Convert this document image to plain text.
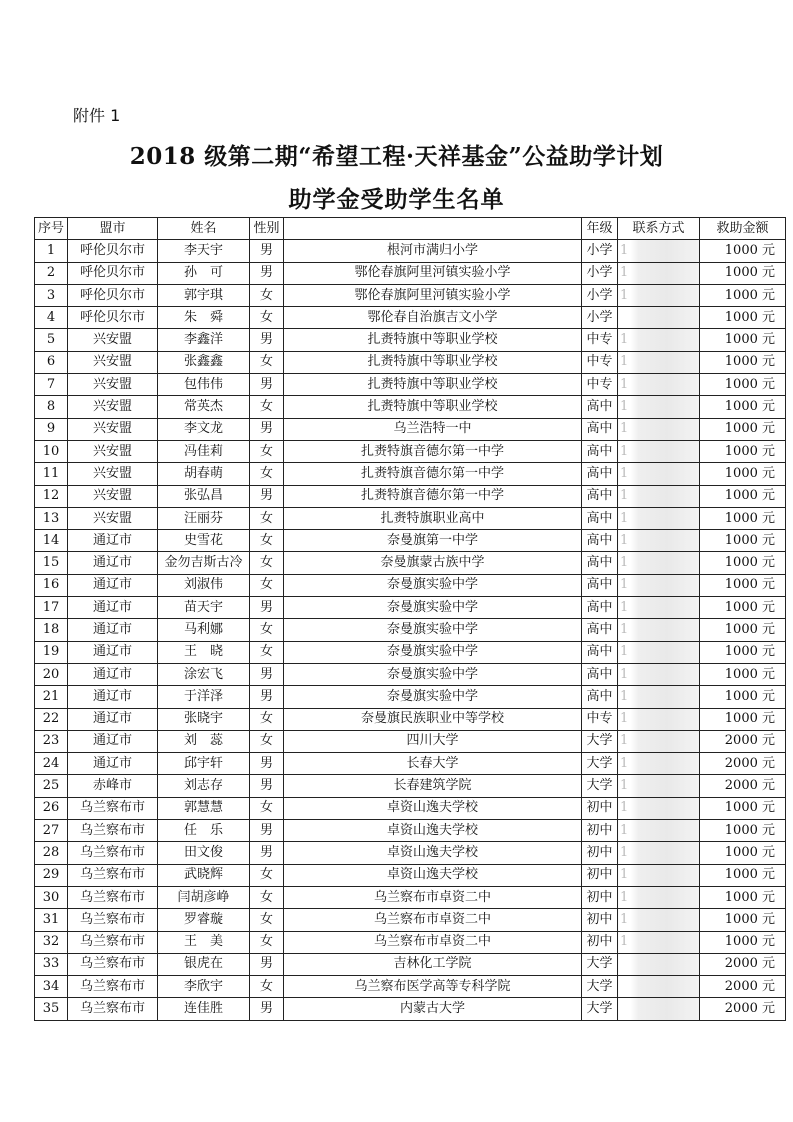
附件 1
2018 级第二期“希望工程·天祥基金”公益助学计划
助学金受助学生名单
序号	盟市	姓名	性别		年级	联系方式	救助金额
1	呼伦贝尔市	李天宇	男	根河市满归小学	小学	1	1000 元
2	呼伦贝尔市	孙　可	男	鄂伦春旗阿里河镇实验小学	小学	1	1000 元
3	呼伦贝尔市	郭宇琪	女	鄂伦春旗阿里河镇实验小学	小学	1	1000 元
4	呼伦贝尔市	朱　舜	女	鄂伦春自治旗吉文小学	小学		1000 元
5	兴安盟	李鑫洋	男	扎赉特旗中等职业学校	中专	1	1000 元
6	兴安盟	张鑫鑫	女	扎赉特旗中等职业学校	中专	1	1000 元
7	兴安盟	包伟伟	男	扎赉特旗中等职业学校	中专	1	1000 元
8	兴安盟	常英杰	女	扎赉特旗中等职业学校	高中	1	1000 元
9	兴安盟	李文龙	男	乌兰浩特一中	高中	1	1000 元
10	兴安盟	冯佳莉	女	扎赉特旗音德尔第一中学	高中	1	1000 元
11	兴安盟	胡春萌	女	扎赉特旗音德尔第一中学	高中	1	1000 元
12	兴安盟	张弘昌	男	扎赉特旗音德尔第一中学	高中	1	1000 元
13	兴安盟	汪丽芬	女	扎赉特旗职业高中	高中	1	1000 元
14	通辽市	史雪花	女	奈曼旗第一中学	高中	1	1000 元
15	通辽市	金勿吉斯古冷	女	奈曼旗蒙古族中学	高中	1	1000 元
16	通辽市	刘淑伟	女	奈曼旗实验中学	高中	1	1000 元
17	通辽市	苗天宇	男	奈曼旗实验中学	高中	1	1000 元
18	通辽市	马利娜	女	奈曼旗实验中学	高中	1	1000 元
19	通辽市	王　晓	女	奈曼旗实验中学	高中	1	1000 元
20	通辽市	涂宏飞	男	奈曼旗实验中学	高中	1	1000 元
21	通辽市	于洋泽	男	奈曼旗实验中学	高中	1	1000 元
22	通辽市	张晓宇	女	奈曼旗民族职业中等学校	中专	1	1000 元
23	通辽市	刘　蕊	女	四川大学	大学	1	2000 元
24	通辽市	邱宇轩	男	长春大学	大学	1	2000 元
25	赤峰市	刘志存	男	长春建筑学院	大学	1	2000 元
26	乌兰察布市	郭慧慧	女	卓资山逸夫学校	初中	1	1000 元
27	乌兰察布市	任　乐	男	卓资山逸夫学校	初中	1	1000 元
28	乌兰察布市	田文俊	男	卓资山逸夫学校	初中	1	1000 元
29	乌兰察布市	武晓辉	女	卓资山逸夫学校	初中	1	1000 元
30	乌兰察布市	闫胡彦峥	女	乌兰察布市卓资二中	初中	1	1000 元
31	乌兰察布市	罗睿璇	女	乌兰察布市卓资二中	初中	1	1000 元
32	乌兰察布市	王　美	女	乌兰察布市卓资二中	初中	1	1000 元
33	乌兰察布市	银虎在	男	吉林化工学院	大学		2000 元
34	乌兰察布市	李欣宇	女	乌兰察布医学高等专科学院	大学		2000 元
35	乌兰察布市	连佳胜	男	内蒙古大学	大学		2000 元
